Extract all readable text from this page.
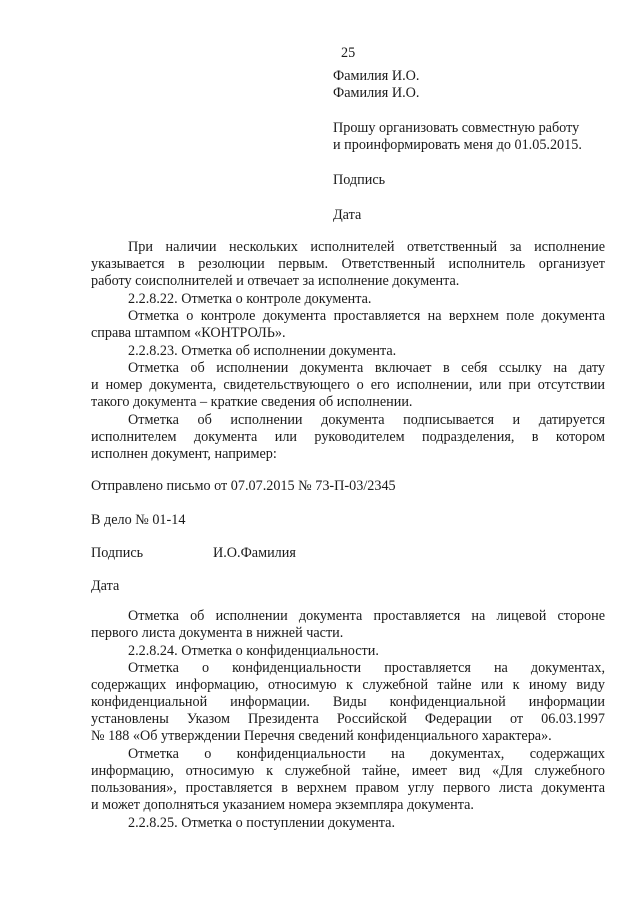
25
Фамилия И.О.
Фамилия И.О.
Прошу организовать совместную работу
и проинформировать меня до 01.05.2015.
Подпись
Дата
При наличии нескольких исполнителей ответственный за исполнение
указывается в резолюции первым. Ответственный исполнитель организует
работу соисполнителей и отвечает за исполнение документа.
2.2.8.22. Отметка о контроле документа.
Отметка о контроле документа проставляется на верхнем поле документа
справа штампом «КОНТРОЛЬ».
2.2.8.23. Отметка об исполнении документа.
Отметка об исполнении документа включает в себя ссылку на дату
и номер документа, свидетельствующего о его исполнении, или при отсутствии
такого документа – краткие сведения об исполнении.
Отметка об исполнении документа подписывается и датируется
исполнителем документа или руководителем подразделения, в котором
исполнен документ, например:
Отправлено письмо от 07.07.2015 № 73-П-03/2345
В дело № 01-14
Подпись	И.О.Фамилия
Дата
Отметка об исполнении документа проставляется на лицевой стороне
первого листа документа в нижней части.
2.2.8.24. Отметка о конфиденциальности.
Отметка о конфиденциальности проставляется на документах,
содержащих информацию, относимую к служебной тайне или к иному виду
конфиденциальной информации. Виды конфиденциальной информации
установлены Указом Президента Российской Федерации от 06.03.1997
№ 188 «Об утверждении Перечня сведений конфиденциального характера».
Отметка о конфиденциальности на документах, содержащих
информацию, относимую к служебной тайне, имеет вид «Для служебного
пользования», проставляется в верхнем правом углу первого листа документа
и может дополняться указанием номера экземпляра документа.
2.2.8.25. Отметка о поступлении документа.
